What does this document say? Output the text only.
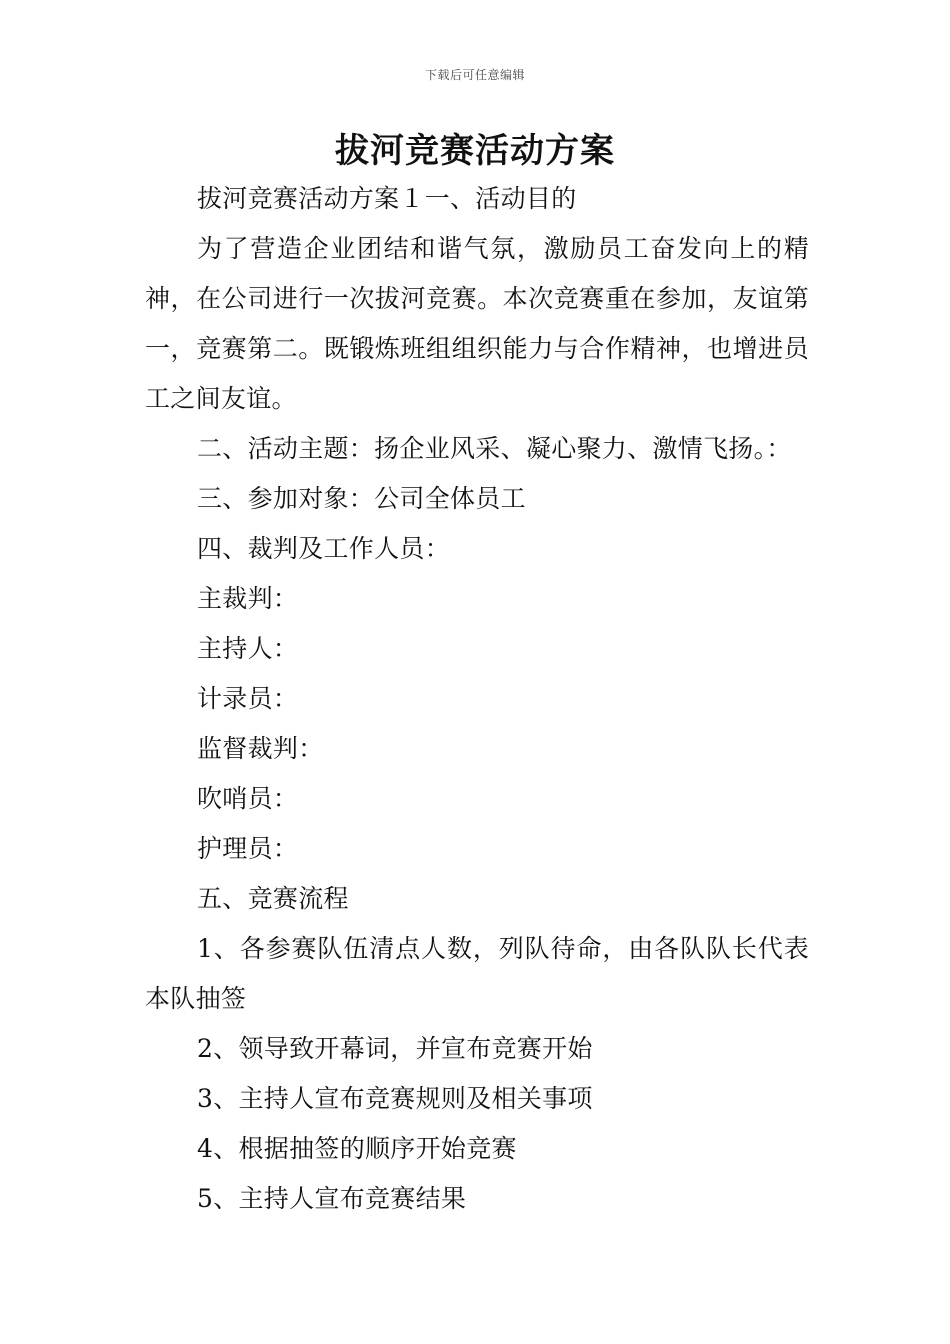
下载后可任意编辑
拔河竞赛活动方案

拔河竞赛活动方案１一、活动目的

为了营造企业团结和谐气氛，激励员工奋发向上的精神，在公司进行一次拔河竞赛。本次竞赛重在参加，友谊第一，竞赛第二。既锻炼班组组织能力与合作精神，也增进员工之间友谊。

二、活动主题：扬企业风采、凝心聚力、激情飞扬。：

三、参加对象：公司全体员工

四、裁判及工作人员：

主裁判：

主持人：

计录员：

监督裁判：

吹哨员：

护理员：

五、竞赛流程

1、各参赛队伍清点人数，列队待命，由各队队长代表本队抽签

2、领导致开幕词，并宣布竞赛开始

3、主持人宣布竞赛规则及相关事项

4、根据抽签的顺序开始竞赛

5、主持人宣布竞赛结果
